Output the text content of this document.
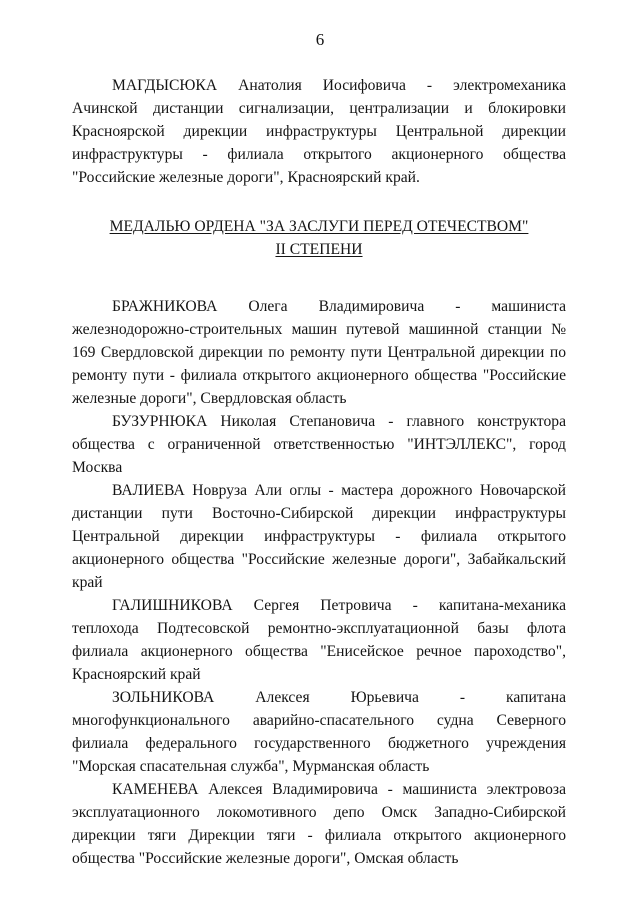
6

МАГДЫСЮКА Анатолия Иосифовича - электромеханика Ачинской дистанции сигнализации, централизации и блокировки Красноярской дирекции инфраструктуры Центральной дирекции инфраструктуры - филиала открытого акционерного общества "Российские железные дороги", Красноярский край.

МЕДАЛЬЮ ОРДЕНА "ЗА ЗАСЛУГИ ПЕРЕД ОТЕЧЕСТВОМ"
II СТЕПЕНИ

БРАЖНИКОВА Олега Владимировича - машиниста железнодорожно-строительных машин путевой машинной станции № 169 Свердловской дирекции по ремонту пути Центральной дирекции по ремонту пути - филиала открытого акционерного общества "Российские железные дороги", Свердловская область

БУЗУРНЮКА Николая Степановича - главного конструктора общества с ограниченной ответственностью "ИНТЭЛЛЕКС", город Москва

ВАЛИЕВА Новруза Али оглы - мастера дорожного Новочарской дистанции пути Восточно-Сибирской дирекции инфраструктуры Центральной дирекции инфраструктуры - филиала открытого акционерного общества "Российские железные дороги", Забайкальский край

ГАЛИШНИКОВА Сергея Петровича - капитана-механика теплохода Подтесовской ремонтно-эксплуатационной базы флота филиала акционерного общества "Енисейское речное пароходство", Красноярский край

ЗОЛЬНИКОВА Алексея Юрьевича - капитана многофункционального аварийно-спасательного судна Северного филиала федерального государственного бюджетного учреждения "Морская спасательная служба", Мурманская область

КАМЕНЕВА Алексея Владимировича - машиниста электровоза эксплуатационного локомотивного депо Омск Западно-Сибирской дирекции тяги Дирекции тяги - филиала открытого акционерного общества "Российские железные дороги", Омская область
